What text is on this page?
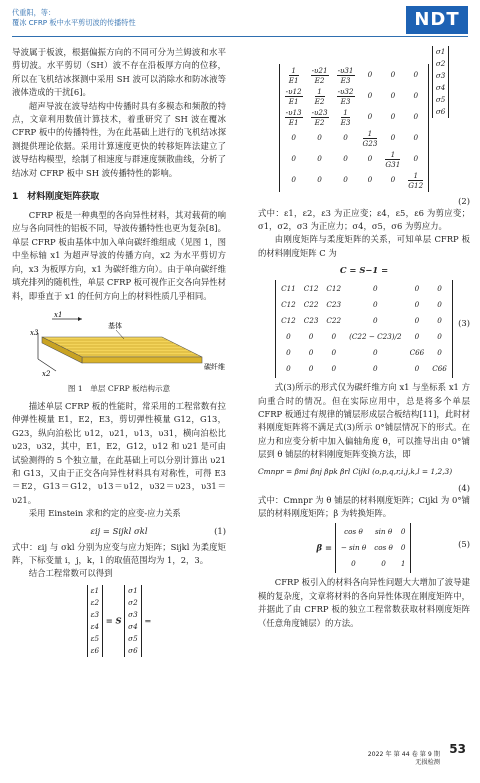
代重阳，等：
覆冰 CFRP 板中水平剪切波的传播特性	NDT

导波属于板波，根据偏振方向的不同可分为兰姆波和水平剪切波。水平剪切（SH）波不存在沿板厚方向的位移，所以在飞机结冰探测中采用 SH 波可以消除水和防冰液等液体造成的干扰[6]。

超声导波在波导结构中传播时具有多模态和频散的特点，文章利用数值计算技术，着重研究了 SH 波在覆冰 CFRP 板中的传播特性，为在此基础上进行的飞机结冰探测提供理论依据。采用计算速度更快的转移矩阵法建立了波导结构模型，绘制了相速度与群速度频散曲线，分析了结冰对 CFRP 板中 SH 波传播特性的影响。

1　材料刚度矩阵获取

CFRP 板是一种典型的各向异性材料，其对载荷的响应与各向同性的铝板不同，导波传播特性也更为复杂[8]。单层 CFRP 板由基体中加入单向碳纤维组成（见图 1，图中坐标轴 x1 为超声导波的传播方向，x2 为水平剪切方向，x3 为板厚方向，x1 为碳纤维方向）。由于单向碳纤维填充排列的随机性，单层 CFRP 板可视作正交各向异性材料，即垂直于 x1 的任何方向上的材料性质几乎相同。

x1
x3
x2
基体
碳纤维
图 1　单层 CFRP 板结构示意

描述单层 CFRP 板的性能时，常采用的工程常数有拉伸弹性模量 E1，E2，E3，剪切弹性模量 G12，G13，G23，纵向泊松比 υ12，υ21，υ13，υ31，横向泊松比 υ23，υ32，其中，E1，E2，G12，υ12 和 υ21 是可由试验测得的 5 个独立量，在此基础上可以分别计算出 υ21 和 G13，又由于正交各向异性材料具有对称性，可得 E3＝E2，G13＝G12，υ13＝υ12，υ32＝υ23，υ31＝υ21。

采用 Einstein 求和约定的应变-应力关系

εij = Sijkl σkl	(1)

式中：εij 与 σkl 分别为应变与应力矩阵；Sijkl 为柔度矩阵，下标变量 i，j，k，l 的取值范围均为 1，2，3。

结合工程常数可以得到

ε1
ε2
ε3
ε4
ε5
ε6
= S
σ1
σ2
σ3
σ4
σ5
σ6
=
$\frac{1}{E1}$	$\frac{-\upsilon 21}{E2}$	$\frac{-\upsilon 31}{E3}$	0	0	0

$\frac{-\upsilon 12}{E1}$	$\frac{1}{E2}$	$\frac{-\upsilon 32}{E3}$	0	0	0

$\frac{-\upsilon 13}{E1}$	$\frac{-\upsilon 23}{E2}$	$\frac{1}{E3}$	0	0	0
0	0	0	$\frac{1}{G23}$	0	0
0	0	0	0	$\frac{1}{G31}$	0
0	0	0	0	0	$\frac{1}{G12}$
σ1
σ2
σ3
σ4
σ5
σ6
(2)

式中：ε1，ε2，ε3 为正应变；ε4，ε5，ε6 为剪应变；σ1，σ2，σ3 为正应力；σ4，σ5，σ6 为剪应力。

由刚度矩阵与柔度矩阵的关系，可知单层 CFRP 板的材料刚度矩阵 C 为

C = S−1 =
C11	C12	C12	0	0	0
C12	C22	C23	0	0	0
C12	C23	C22	0	0	0
0	0	0	(C22 − C23)/2	0	0
0	0	0	0	C66	0
0	0	0	0	0	C66
(3)

式(3)所示的形式仅为碳纤维方向 x1 与坐标系 x1 方向重合时的情况。但在实际应用中，总是将多个单层 CFRP 板通过有规律的铺层形成层合板结构[11]，此时材料刚度矩阵将不满足式(3)所示 0°铺层情况下的形式。在应力和应变分析中加入偏轴角度 θ，可以推导出由 0°铺层到 θ 铺层的材料刚度矩阵变换方法，即

Cmnpr = βmi βnj βpk βrl Cijkl (o,p,q,r,i,j,k,l = 1,2,3)
(4)

式中：Cmnpr 为 θ 铺层的材料刚度矩阵；Cijkl 为 0°铺层的材料刚度矩阵；β 为转换矩阵。

β = cos θ	sin θ	0
− sin θ	cos θ	0
0	0	1
(5)

CFRP 板引入的材料各向异性问题大大增加了波导建模的复杂度，文章将材料的各向异性体现在刚度矩阵中，并据此了由 CFRP 板的独立工程常数获取材料刚度矩阵（任意角度铺层）的方法。

2022 年 第 44 卷 第 9 期
无损检测
53
